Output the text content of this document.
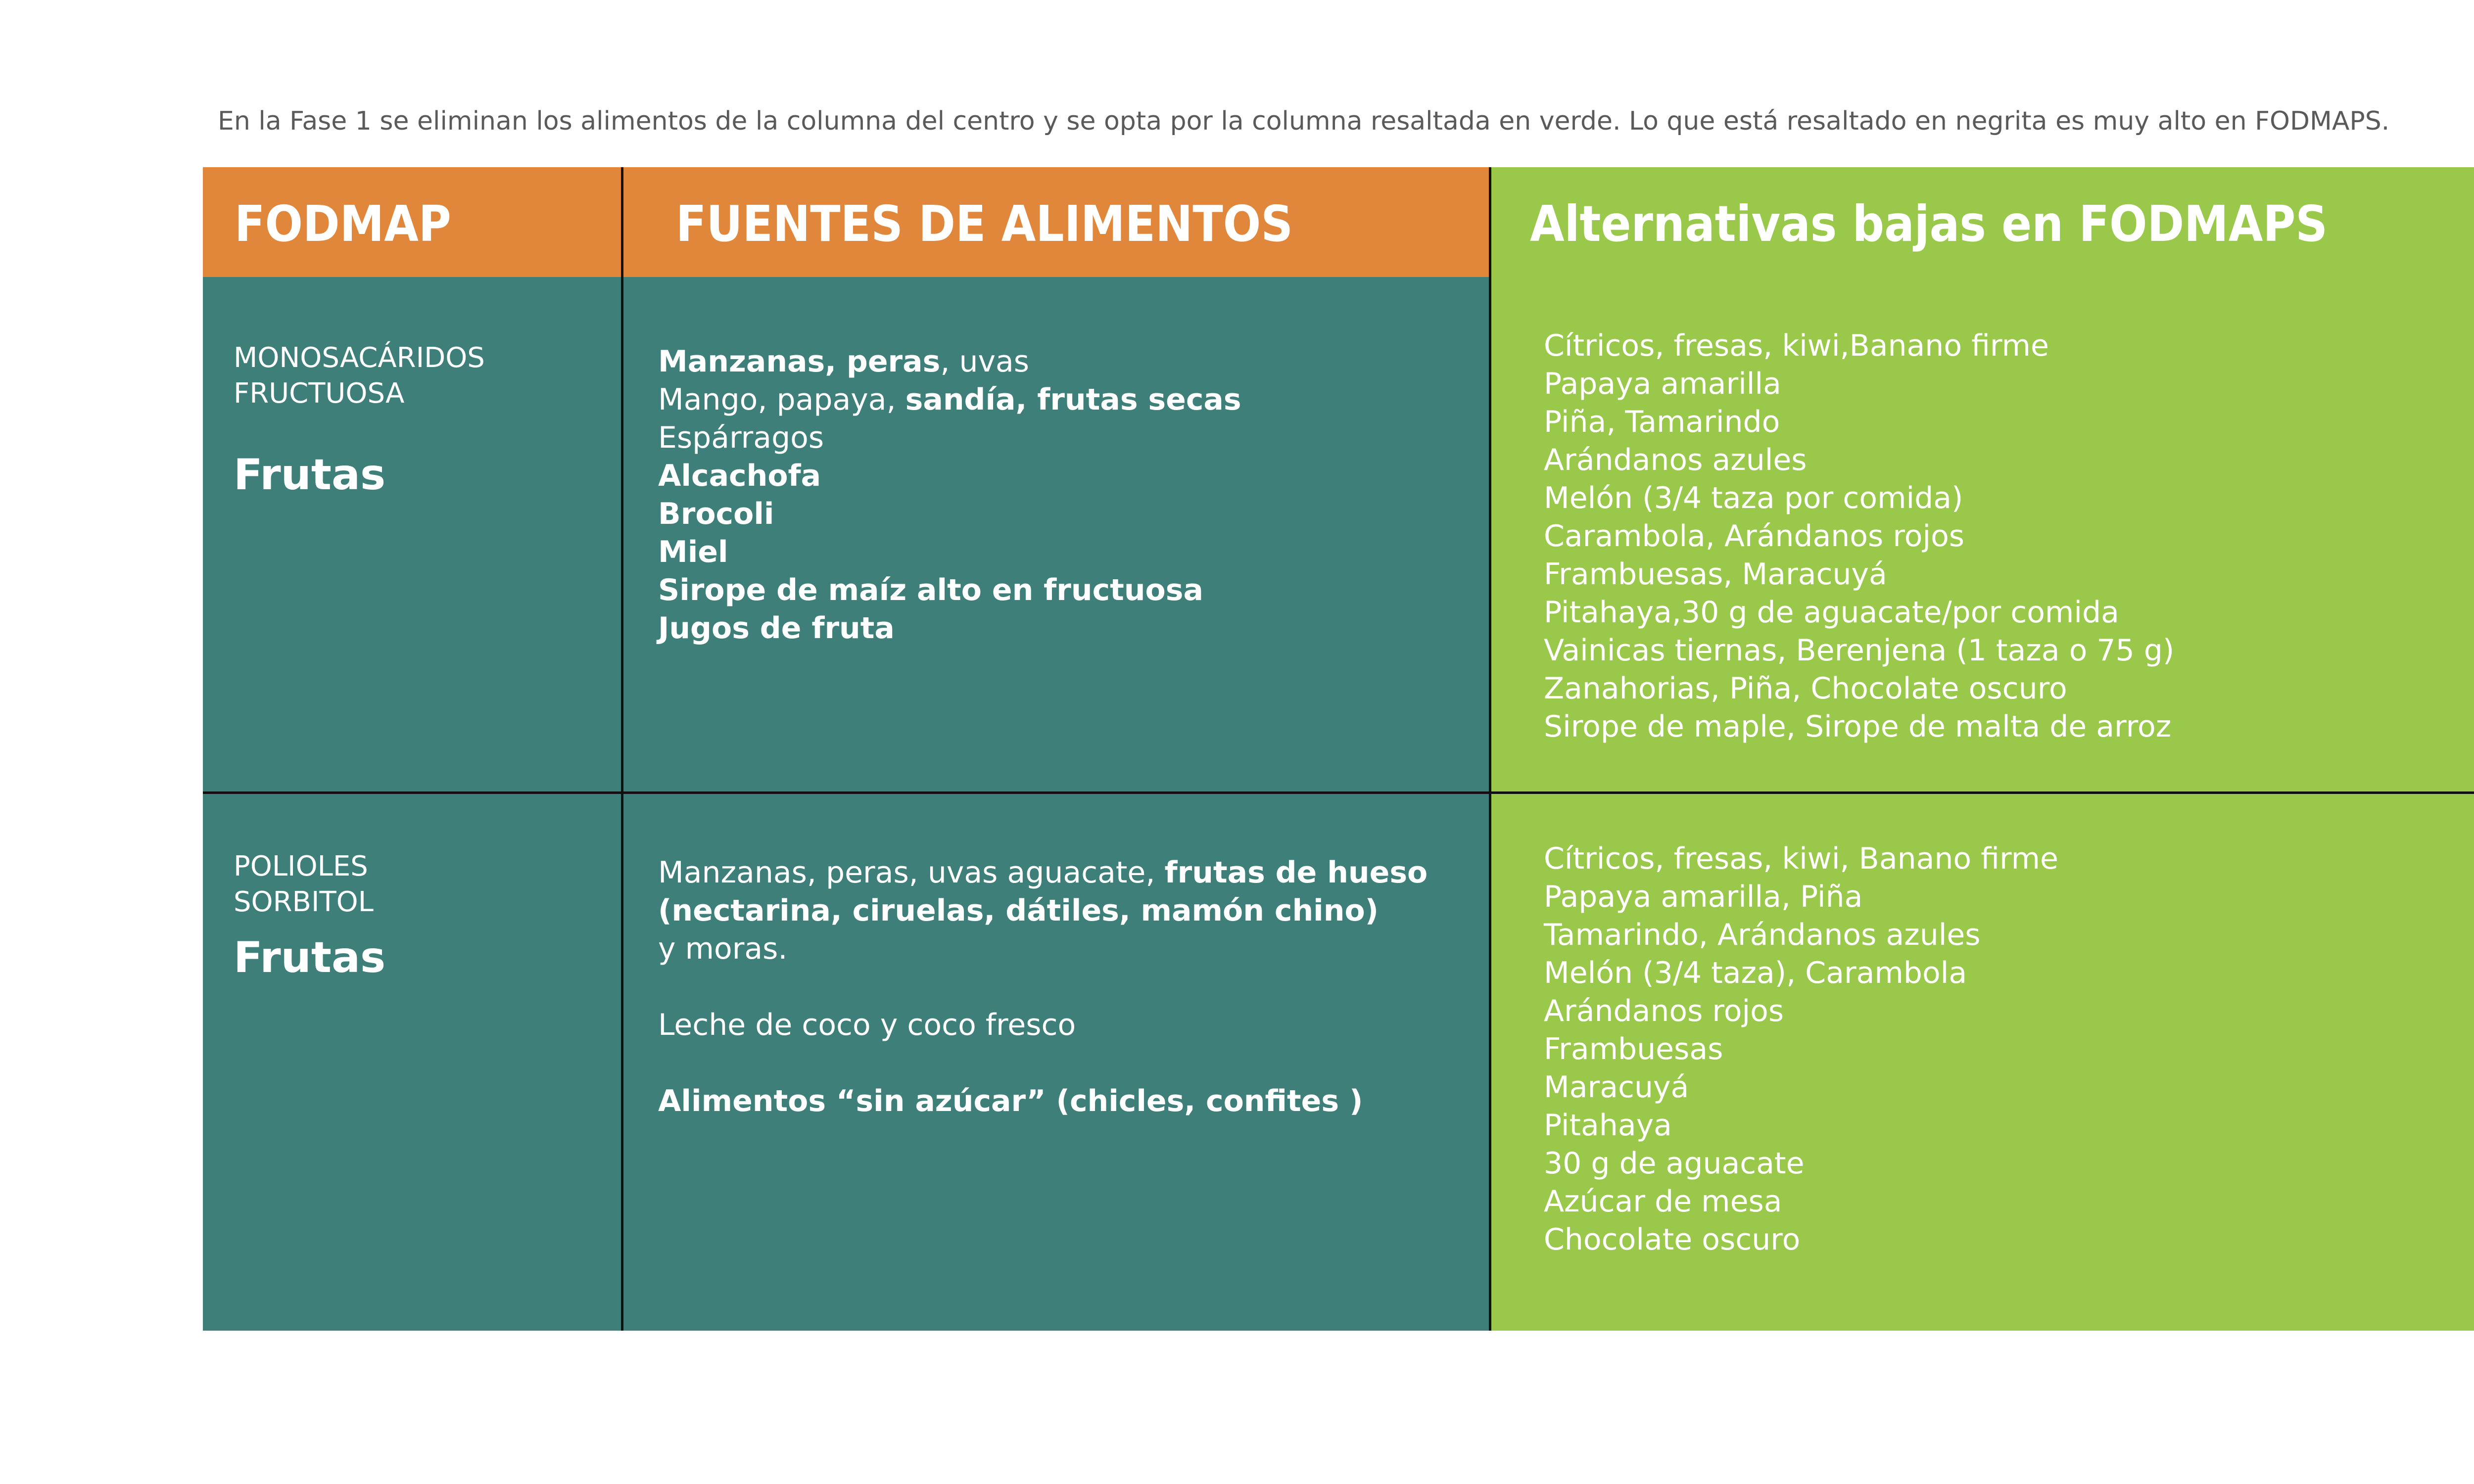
En la Fase 1 se eliminan los alimentos de la columna del centro y se opta por la columna resaltada en verde. Lo que está resaltado en negrita es muy alto en FODMAPS.
FODMAP	FUENTES DE ALIMENTOS	Alternativas bajas en FODMAPS
MONOSACÁRIDOS
FRUCTUOSA
Frutas
Manzanas, peras, uvas
Mango, papaya, sandía, frutas secas
Espárragos
Alcachofa
Brocoli
Miel
Sirope de maíz alto en fructuosa
Jugos de fruta
Cítricos, fresas, kiwi,Banano firme
Papaya amarilla
Piña, Tamarindo
Arándanos azules
Melón (3/4 taza por comida)
Carambola, Arándanos rojos
Frambuesas, Maracuyá
Pitahaya,30 g de aguacate/por comida
Vainicas tiernas, Berenjena (1 taza o 75 g)
Zanahorias, Piña, Chocolate oscuro
Sirope de maple, Sirope de malta de arroz
POLIOLES
SORBITOL
Frutas
Manzanas, peras, uvas aguacate, frutas de hueso
(nectarina, ciruelas, dátiles, mamón chino)
y moras.
Leche de coco y coco fresco
Alimentos “sin azúcar” (chicles, confites )
Cítricos, fresas, kiwi, Banano firme
Papaya amarilla, Piña
Tamarindo, Arándanos azules
Melón (3/4 taza), Carambola
Arándanos rojos
Frambuesas
Maracuyá
Pitahaya
30 g de aguacate
Azúcar de mesa
Chocolate oscuro
